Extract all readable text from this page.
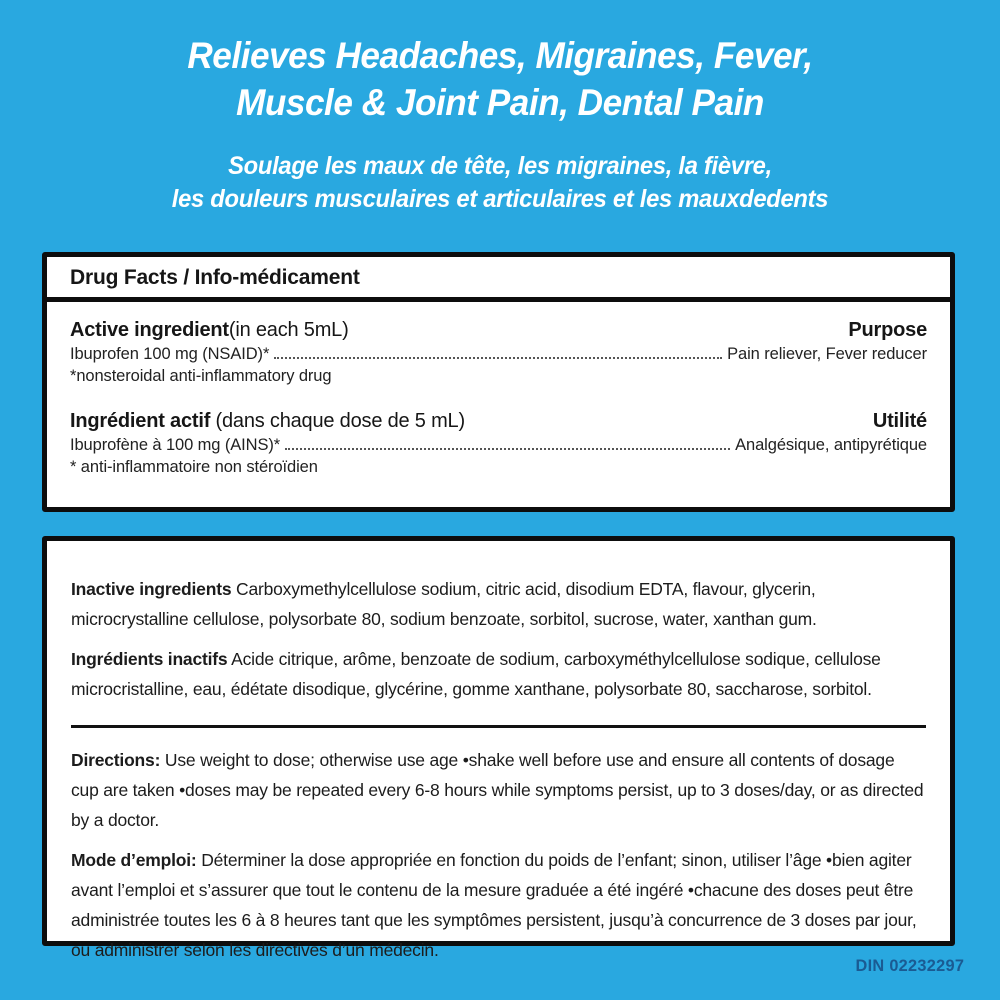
Relieves Headaches, Migraines, Fever,
Muscle & Joint Pain, Dental Pain
Soulage les maux de tête, les migraines, la fièvre,
les douleurs musculaires et articulaires et les mauxdedents
Drug Facts / Info-médicament
Active ingredient(in each 5mL)	Purpose
Ibuprofen 100 mg (NSAID)*	Pain reliever, Fever reducer
*nonsteroidal anti-inflammatory drug
Ingrédient actif (dans chaque dose de 5 mL)	Utilité
Ibuprofène à 100 mg (AINS)*	Analgésique, antipyrétique
* anti-inflammatoire non stéroïdien

Inactive ingredients Carboxymethylcellulose sodium, citric acid, disodium EDTA, flavour, glycerin, microcrystalline cellulose, polysorbate 80, sodium benzoate, sorbitol, sucrose, water, xanthan gum.

Ingrédients inactifs Acide citrique, arôme, benzoate de sodium, carboxyméthylcellulose sodique, cellulose microcristalline, eau, édétate disodique, glycérine, gomme xanthane, polysorbate 80, saccharose, sorbitol.

Directions: Use weight to dose; otherwise use age •shake well before use and ensure all contents of dosage cup are taken •doses may be repeated every 6-8 hours while symptoms persist, up to 3 doses/day, or as directed by a doctor.

Mode d’emploi: Déterminer la dose appropriée en fonction du poids de l’enfant; sinon, utiliser l’âge •bien agiter avant l’emploi et s’assurer que tout le contenu de la mesure graduée a été ingéré •chacune des doses peut être administrée toutes les 6 à 8 heures tant que les symptômes persistent, jusqu’à concurrence de 3 doses par jour, ou administrer selon les directives d’un médecin.

DIN 02232297
